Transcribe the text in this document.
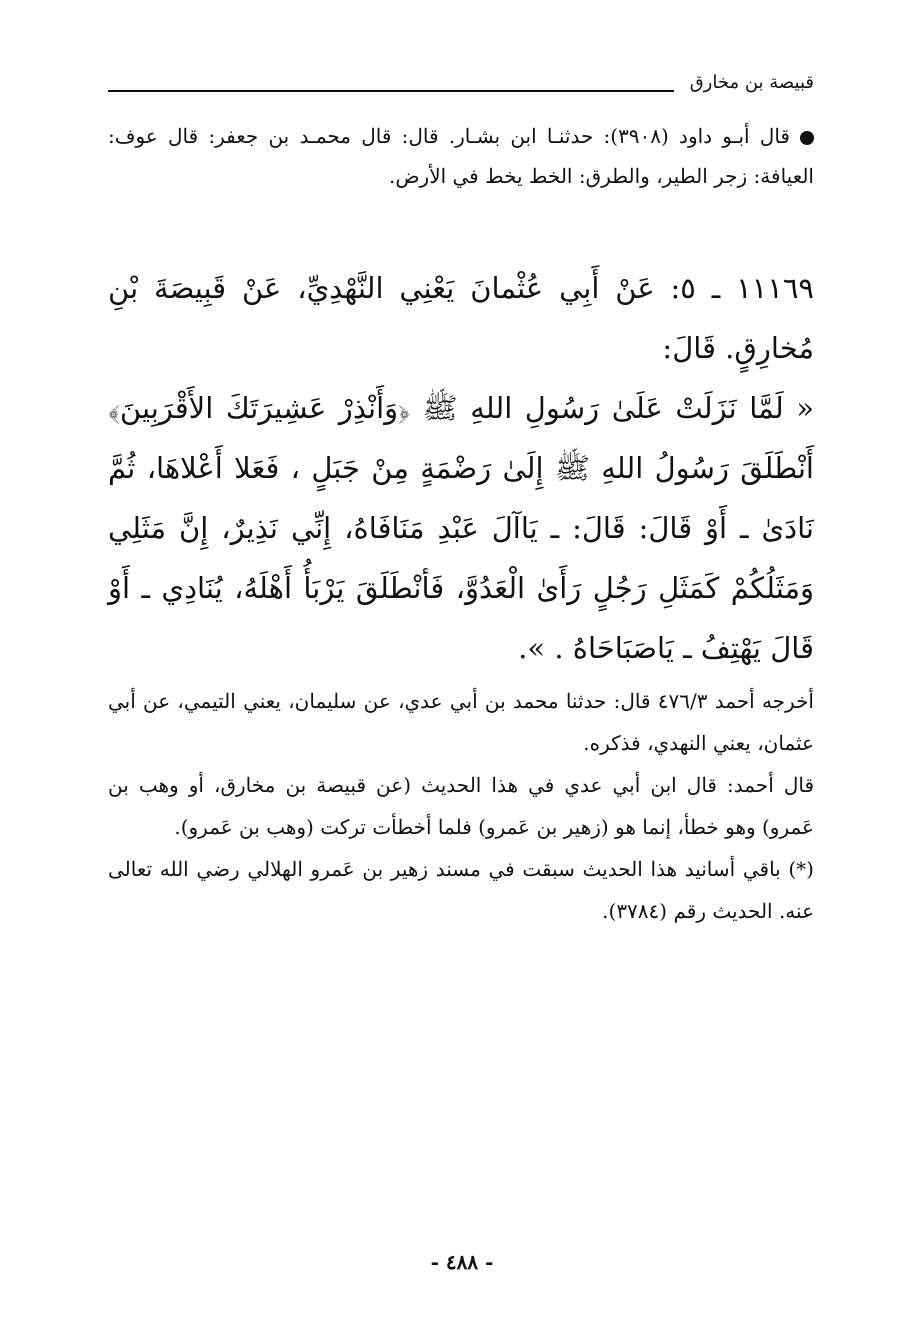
قبيصة بن مخارق
قال أبـو داود (٣٩٠٨): حدثنـا ابن بشـار. قال: قال محمـد بن جعفر: قال عوف: العيافة: زجر الطير، والطرق: الخط يخط في الأرض.

١١١٦٩ ـ ٥: عَنْ أَبِي عُثْمانَ يَعْنِي النَّهْدِيِّ، عَنْ قَبِيصَةَ بْنِ مُخارِقٍ. قَالَ:

« لَمَّا نَزَلَتْ عَلَىٰ رَسُولِ اللهِ ﷺ ﴿وَأَنْذِرْ عَشِيرَتَكَ الأَقْرَبِينَ﴾ أَنْطَلَقَ رَسُولُ اللهِ ﷺ إِلَىٰ رَضْمَةٍ مِنْ جَبَلٍ ، فَعَلا أَعْلاهَا، ثُمَّ نَادَىٰ ـ أَوْ قَالَ: قَالَ: ـ يَاآلَ عَبْدِ مَنَافَاهُ، إِنِّي نَذِيرٌ، إِنَّ مَثَلِي وَمَثَلُكُمْ كَمَثَلِ رَجُلٍ رَأَىٰ الْعَدُوَّ، فَأنْطَلَقَ يَرْبَأُ أَهْلَهُ، يُنَادِي ـ أَوْ قَالَ يَهْتِفُ ـ يَاصَبَاحَاهُ . ».

أخرجه أحمد ٤٧٦/٣ قال: حدثنا محمد بن أبي عدي، عن سليمان، يعني التيمي، عن أبي عثمان، يعني النهدي، فذكره.

قال أحمد: قال ابن أبي عدي في هذا الحديث (عن قبيصة بن مخارق، أو وهب بن عَمرو) وهو خطأ، إنما هو (زهير بن عَمرو) فلما أخطأت تركت (وهب بن عَمرو).

(*) باقي أسانيد هذا الحديث سبقت في مسند زهير بن عَمرو الهلالي رضي الله تعالى عنه. الحديث رقم (٣٧٨٤).

- ٤٨٨ -
